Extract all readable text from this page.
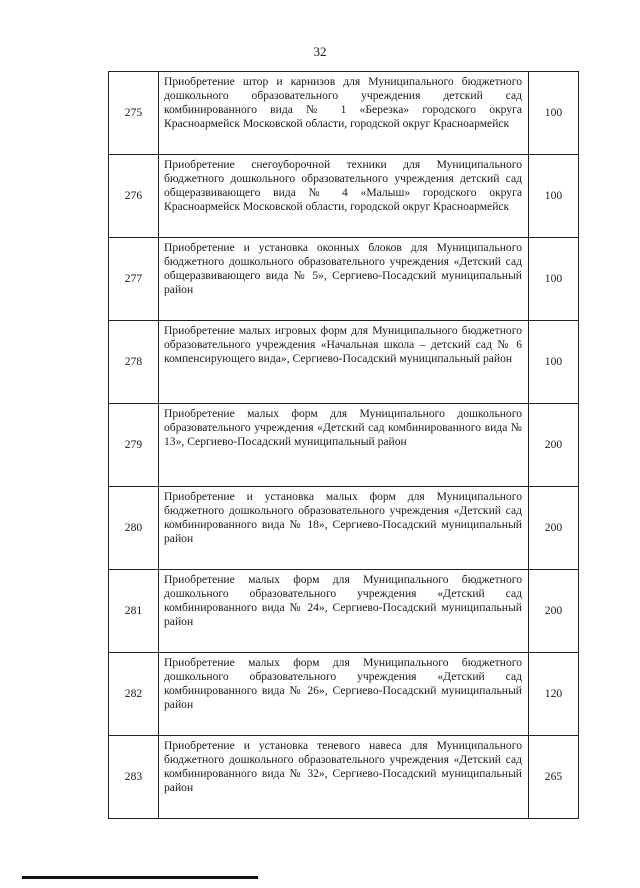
32
275	Приобретение штор и карнизов для Муниципального бюджетного дошкольного образовательного учреждения детский сад комбинированного вида № 1 «Березка» городского округа Красноармейск Московской области, городской округ Красноармейск	100
276	Приобретение снегоуборочной техники для Муниципального бюджетного дошкольного образовательного учреждения детский сад общеразвивающего вида № 4 «Малыш» городского округа Красноармейск Московской области, городской округ Красноармейск	100
277	Приобретение и установка оконных блоков для Муниципального бюджетного дошкольного образовательного учреждения «Детский сад общеразвивающего вида № 5», Сергиево-Посадский муниципальный район	100
278	Приобретение малых игровых форм для Муниципального бюджетного образовательного учреждения «Начальная школа – детский сад № 6 компенсирующего вида», Сергиево-Посадский муниципальный район	100
279	Приобретение малых форм для Муниципального дошкольного образовательного учреждения «Детский сад комбинированного вида № 13», Сергиево-Посадский муниципальный район	200
280	Приобретение и установка малых форм для Муниципального бюджетного дошкольного образовательного учреждения «Детский сад комбинированного вида № 18», Сергиево-Посадский муниципальный район	200
281	Приобретение малых форм для Муниципального бюджетного дошкольного образовательного учреждения «Детский сад комбинированного вида № 24», Сергиево-Посадский муниципальный район	200
282	Приобретение малых форм для Муниципального бюджетного дошкольного образовательного учреждения «Детский сад комбинированного вида № 26», Сергиево-Посадский муниципальный район	120
283	Приобретение и установка теневого навеса для Муниципального бюджетного дошкольного образовательного учреждения «Детский сад комбинированного вида № 32», Сергиево-Посадский муниципальный район	265
